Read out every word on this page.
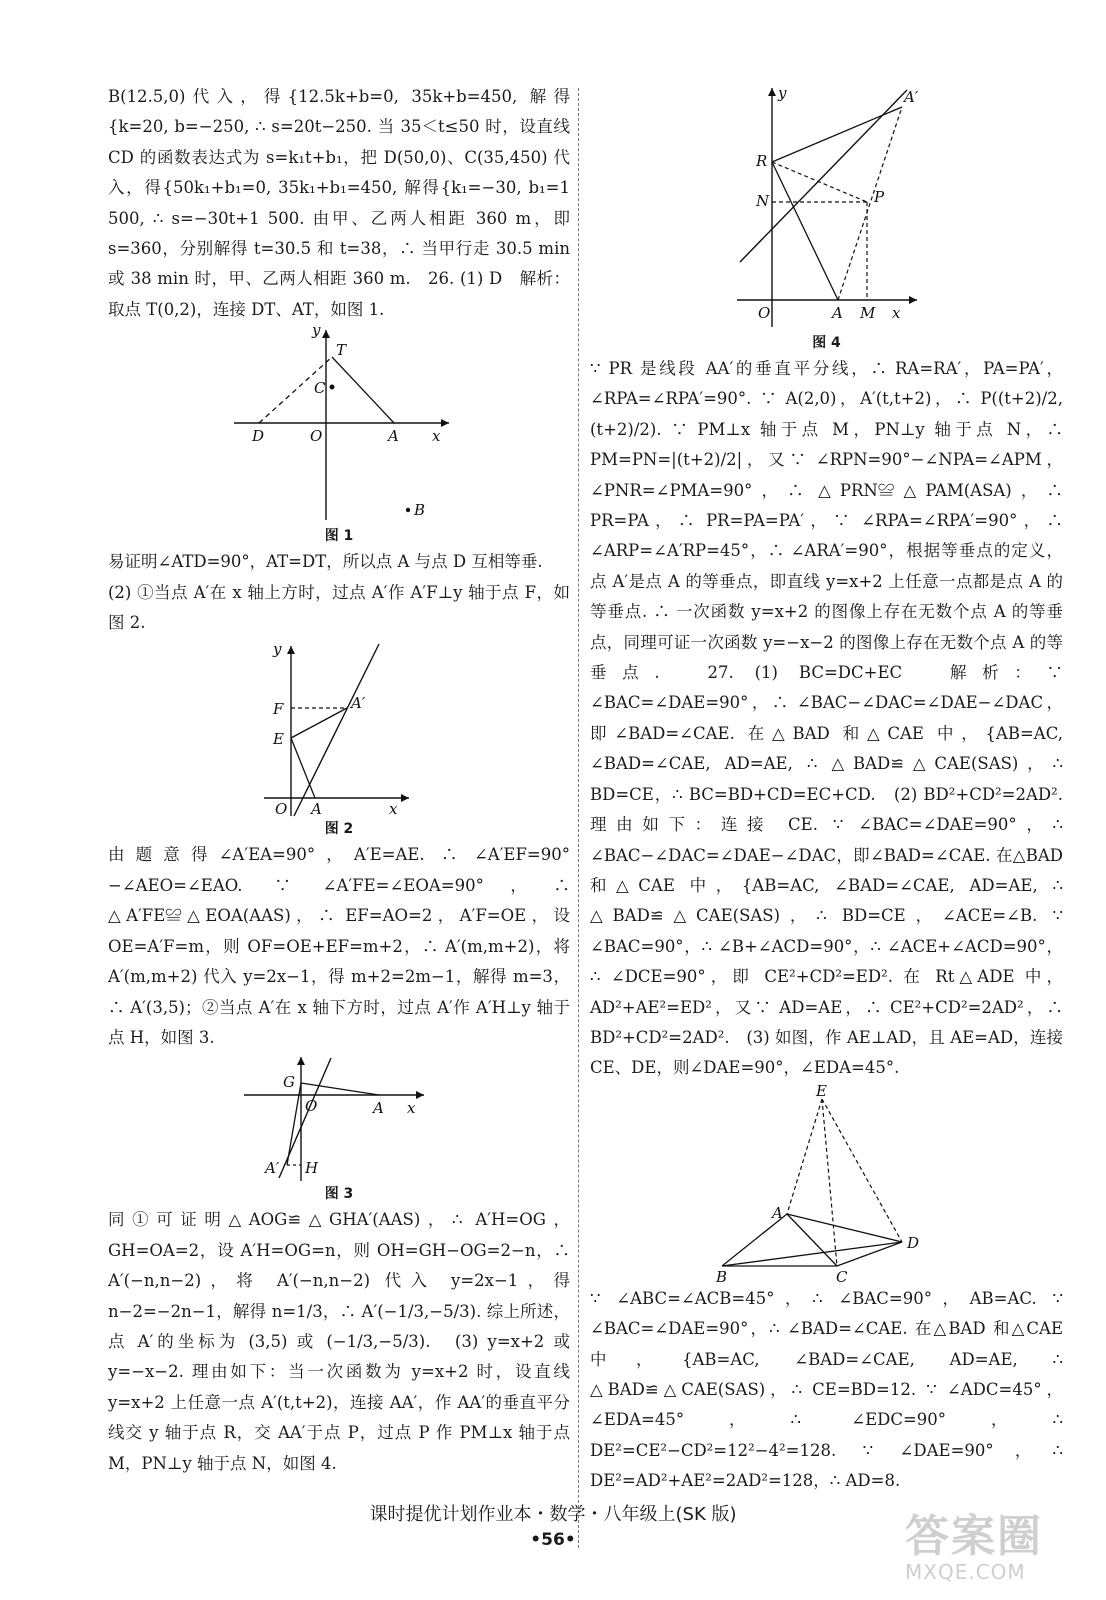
B(12.5,0)代入，得{12.5k+b=0, 35k+b=450, 解得{k=20, b=−250, ∴ s=20t−250. 当 35＜t≤50 时，设直线 CD 的函数表达式为 s=k₁t+b₁，把 D(50,0)、C(35,450) 代入，得{50k₁+b₁=0, 35k₁+b₁=450, 解得{k₁=−30, b₁=1 500, ∴ s=−30t+1 500. 由甲、乙两人相距 360 m，即 s=360，分别解得 t=30.5 和 t=38，∴ 当甲行走 30.5 min 或 38 min 时，甲、乙两人相距 360 m.　26. (1) D　解析：取点 T(0,2)，连接 DT、AT，如图 1.

y
T
C
D	O	A x
B
图 1

易证明∠ATD=90°，AT=DT，所以点 A 与点 D 互相等垂.

(2) ①当点 A′在 x 轴上方时，过点 A′作 A′F⊥y 轴于点 F，如图 2.

y
F	A′
E
O A	x
图 2

由题意得∠A′EA=90°，A′E=AE. ∴ ∠A′EF=90°−∠AEO=∠EAO. ∵ ∠A′FE=∠EOA=90°，∴ △A′FE≌△EOA(AAS)，∴ EF=AO=2，A′F=OE，设 OE=A′F=m，则 OF=OE+EF=m+2，∴ A′(m,m+2)，将 A′(m,m+2) 代入 y=2x−1，得 m+2=2m−1，解得 m=3，∴ A′(3,5)；②当点 A′在 x 轴下方时，过点 A′作 A′H⊥y 轴于点 H，如图 3.

G
O	A x
A′ H
图 3

同①可证明△AOG≌△GHA′(AAS)，∴ A′H=OG，GH=OA=2，设 A′H=OG=n，则 OH=GH−OG=2−n，∴ A′(−n,n−2)，将 A′(−n,n−2) 代入 y=2x−1，得 n−2=−2n−1，解得 n=1/3，∴ A′(−1/3,−5/3). 综上所述，点 A′的坐标为 (3,5) 或 (−1/3,−5/3).　(3) y=x+2 或 y=−x−2. 理由如下：当一次函数为 y=x+2 时，设直线 y=x+2 上任意一点 A′(t,t+2)，连接 AA′，作 AA′的垂直平分线交 y 轴于点 R，交 AA′于点 P，过点 P 作 PM⊥x 轴于点 M，PN⊥y 轴于点 N，如图 4.

y	A′
R
N	P
O	A M x
图 4

∵ PR 是线段 AA′的垂直平分线，∴ RA=RA′，PA=PA′，∠RPA=∠RPA′=90°. ∵ A(2,0)，A′(t,t+2)，∴ P((t+2)/2,(t+2)/2). ∵ PM⊥x 轴于点 M，PN⊥y 轴于点 N，∴ PM=PN=|(t+2)/2|，又∵ ∠RPN=90°−∠NPA=∠APM，∠PNR=∠PMA=90°，∴ △PRN≌△PAM(ASA)，∴ PR=PA，∴ PR=PA=PA′，∵ ∠RPA=∠RPA′=90°，∴ ∠ARP=∠A′RP=45°，∴ ∠ARA′=90°，根据等垂点的定义，点 A′是点 A 的等垂点，即直线 y=x+2 上任意一点都是点 A 的等垂点. ∴ 一次函数 y=x+2 的图像上存在无数个点 A 的等垂点，同理可证一次函数 y=−x−2 的图像上存在无数个点 A 的等垂点.　27. (1) BC=DC+EC　解析：∵ ∠BAC=∠DAE=90°，∴ ∠BAC−∠DAC=∠DAE−∠DAC，即∠BAD=∠CAE. 在△BAD 和△CAE 中，{AB=AC, ∠BAD=∠CAE, AD=AE, ∴ △BAD≌△CAE(SAS)，∴ BD=CE，∴ BC=BD+CD=EC+CD.　(2) BD²+CD²=2AD². 理由如下：连接 CE. ∵ ∠BAC=∠DAE=90°，∴ ∠BAC−∠DAC=∠DAE−∠DAC，即∠BAD=∠CAE. 在△BAD 和△CAE 中，{AB=AC, ∠BAD=∠CAE, AD=AE, ∴ △BAD≌△CAE(SAS)，∴ BD=CE，∠ACE=∠B. ∵ ∠BAC=90°，∴ ∠B+∠ACD=90°，∴ ∠ACE+∠ACD=90°，∴ ∠DCE=90°，即 CE²+CD²=ED². 在 Rt△ADE 中，AD²+AE²=ED²，又∵ AD=AE，∴ CE²+CD²=2AD²，∴ BD²+CD²=2AD².　(3) 如图，作 AE⊥AD，且 AE=AD，连接 CE、DE，则∠DAE=90°，∠EDA=45°.

E
A
D
B	C

∵ ∠ABC=∠ACB=45°，∴ ∠BAC=90°，AB=AC. ∵ ∠BAC=∠DAE=90°，∴ ∠BAD=∠CAE. 在△BAD 和△CAE 中，{AB=AC, ∠BAD=∠CAE, AD=AE, ∴ △BAD≌△CAE(SAS)，∴ CE=BD=12. ∵ ∠ADC=45°，∠EDA=45°，∴ ∠EDC=90°，∴ DE²=CE²−CD²=12²−4²=128. ∵ ∠DAE=90°，∴ DE²=AD²+AE²=2AD²=128，∴ AD=8.

课时提优计划作业本・数学・八年级上(SK 版)
•56•	答案圈
MXQE.COM
